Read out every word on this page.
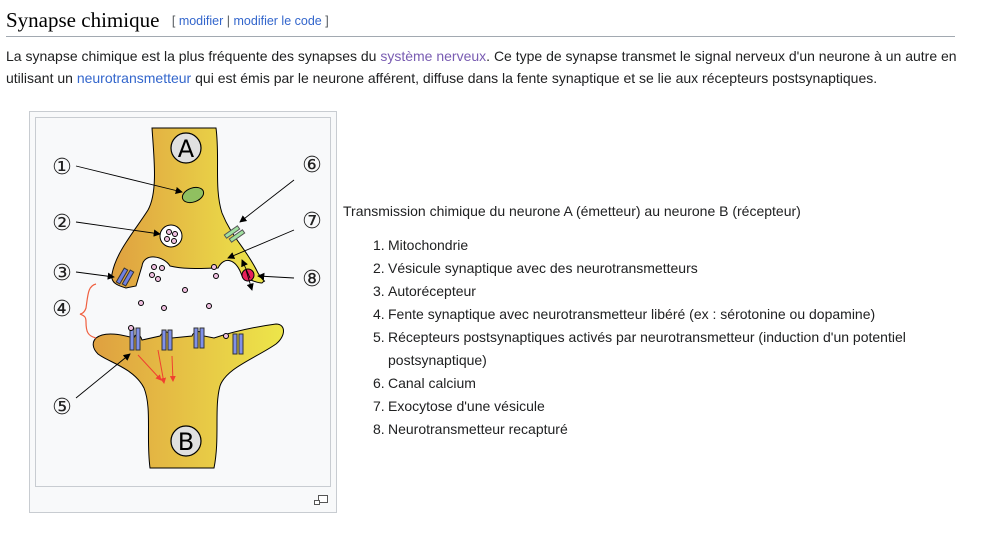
Synapse chimique [ modifier | modifier le code ]

La synapse chimique est la plus fréquente des synapses du système nerveux. Ce type de synapse transmet le signal nerveux d'un neurone à un autre en utilisant un neurotransmetteur qui est émis par le neurone afférent, diffuse dans la fente synaptique et se lie aux récepteurs postsynaptiques.

A
B
①
②
③
④
⑤
⑥
⑦
⑧
Transmission chimique du neurone A (émetteur) au neurone B (récepteur)
1. Mitochondrie
2. Vésicule synaptique avec des neurotransmetteurs
3. Autorécepteur
4. Fente synaptique avec neurotransmetteur libéré (ex : sérotonine ou dopamine)
5. Récepteurs postsynaptiques activés par neurotransmetteur (induction d'un potentiel postsynaptique)
6. Canal calcium
7. Exocytose d'une vésicule
8. Neurotransmetteur recapturé
